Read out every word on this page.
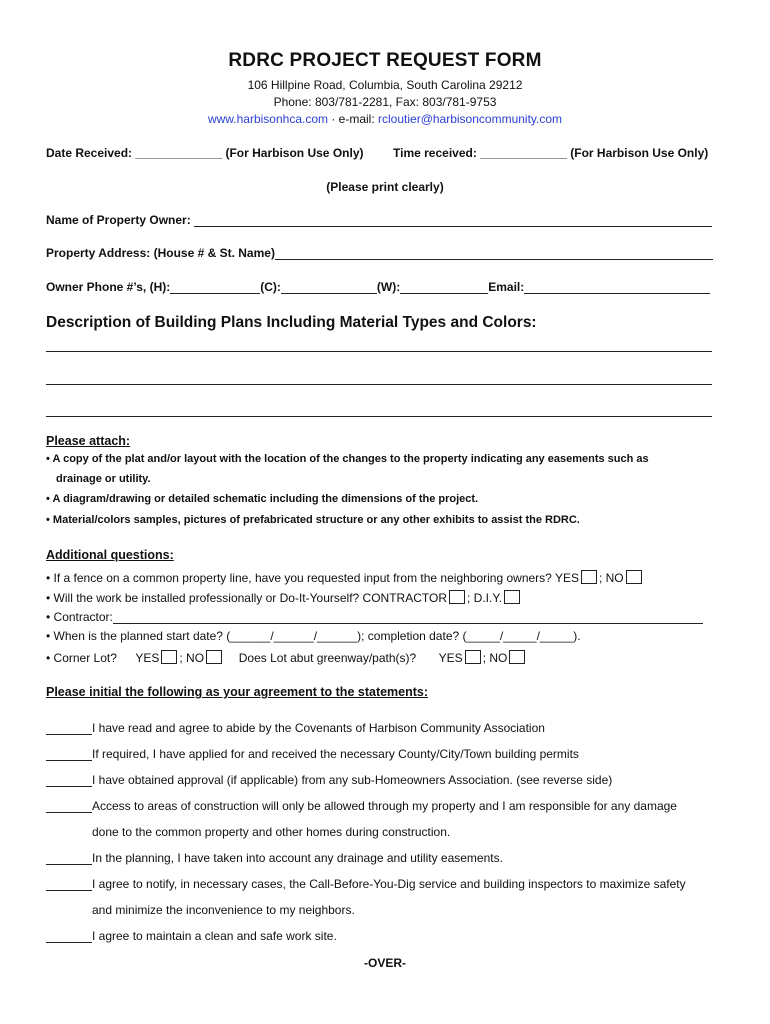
RDRC PROJECT REQUEST FORM
106 Hillpine Road, Columbia, South Carolina 29212
Phone: 803/781-2281, Fax: 803/781-9753
www.harbisonhca.com · e-mail: rcloutier@harbisoncommunity.com
Date Received: _____________ (For Harbison Use Only) Time received: _____________ (For Harbison Use Only)
(Please print clearly)
Name of Property Owner:
Property Address: (House # & St. Name)
Owner Phone #’s, (H):	(C):	(W):	Email:
Description of Building Plans Including Material Types and Colors:
Please attach:
• A copy of the plat and/or layout with the location of the changes to the property indicating any easements such as
drainage or utility.
• A diagram/drawing or detailed schematic including the dimensions of the project.
• Material/colors samples, pictures of prefabricated structure or any other exhibits to assist the RDRC.
Additional questions:
• If a fence on a common property line, have you requested input from the neighboring owners? YES ; NO
• Will the work be installed professionally or Do-It-Yourself? CONTRACTOR ; D.I.Y.
• Contractor:
• When is the planned start date? (______/______/______); completion date? (_____/_____/_____).
• Corner Lot? YES ; NO	Does Lot abut greenway/path(s)? YES ; NO
Please initial the following as your agreement to the statements:
I have read and agree to abide by the Covenants of Harbison Community Association
If required, I have applied for and received the necessary County/City/Town building permits
I have obtained approval (if applicable) from any sub-Homeowners Association. (see reverse side)
Access to areas of construction will only be allowed through my property and I am responsible for any damage
done to the common property and other homes during construction.
In the planning, I have taken into account any drainage and utility easements.
I agree to notify, in necessary cases, the Call-Before-You-Dig service and building inspectors to maximize safety
and minimize the inconvenience to my neighbors.
I agree to maintain a clean and safe work site.
-OVER-
